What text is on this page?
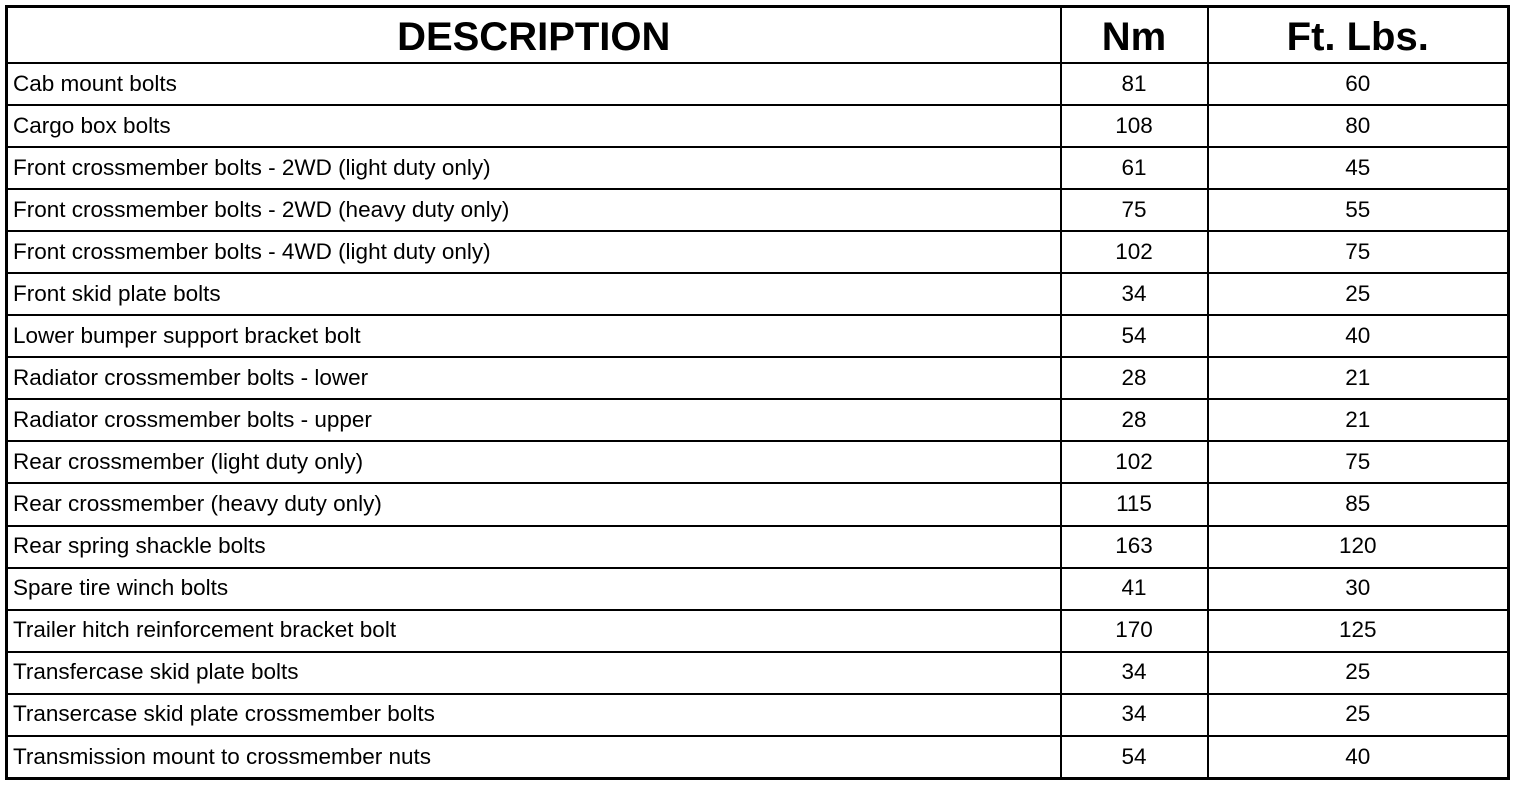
DESCRIPTION	Nm	Ft. Lbs.
Cab mount bolts	81	60
Cargo box bolts	108	80
Front crossmember bolts - 2WD (light duty only)	61	45
Front crossmember bolts - 2WD (heavy duty only)	75	55
Front crossmember bolts - 4WD (light duty only)	102	75
Front skid plate bolts	34	25
Lower bumper support bracket bolt	54	40
Radiator crossmember bolts - lower	28	21
Radiator crossmember bolts - upper	28	21
Rear crossmember (light duty only)	102	75
Rear crossmember (heavy duty only)	115	85
Rear spring shackle bolts	163	120
Spare tire winch bolts	41	30
Trailer hitch reinforcement bracket bolt	170	125
Transfercase skid plate bolts	34	25
Transercase skid plate crossmember bolts	34	25
Transmission mount to crossmember nuts	54	40
